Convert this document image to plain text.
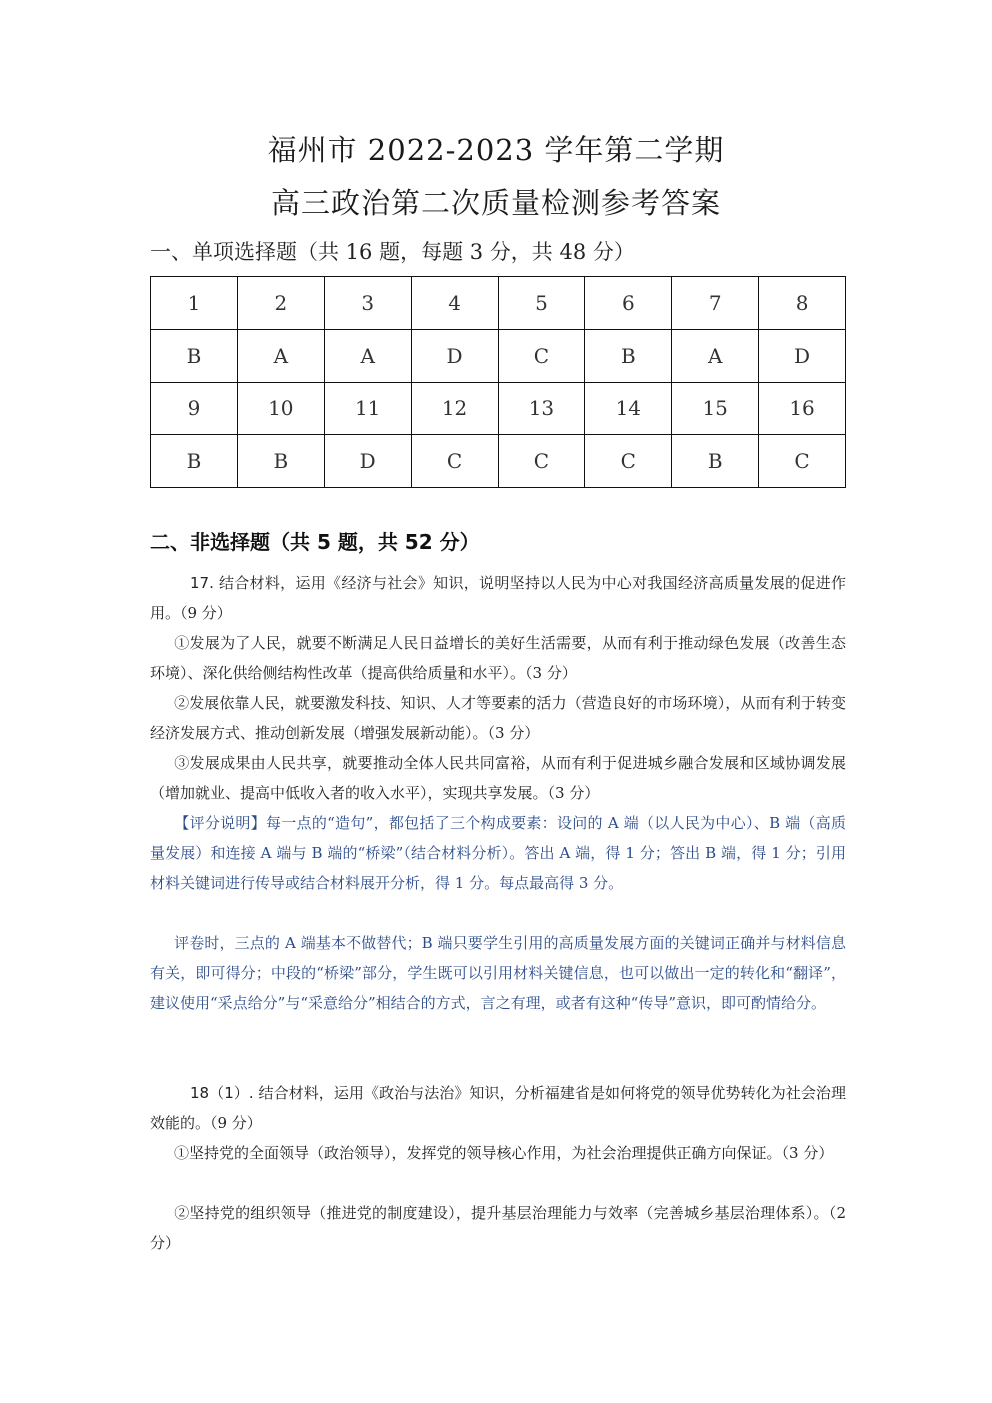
福州市 2022-2023 学年第二学期
高三政治第二次质量检测参考答案
一、单项选择题（共 16 题，每题 3 分，共 48 分）
1	2	3	4	5	6	7	8
B	A	A	D	C	B	A	D
9	10	11	12	13	14	15	16
B	B	D	C	C	C	B	C
二、非选择题（共 5 题，共 52 分）

17. 结合材料，运用《经济与社会》知识，说明坚持以人民为中心对我国经济高质量发展的促进作用。（9 分）

①发展为了人民，就要不断满足人民日益增长的美好生活需要，从而有利于推动绿色发展（改善生态环境）、深化供给侧结构性改革（提高供给质量和水平）。（3 分）

②发展依靠人民，就要激发科技、知识、人才等要素的活力（营造良好的市场环境），从而有利于转变经济发展方式、推动创新发展（增强发展新动能）。（3 分）

③发展成果由人民共享，就要推动全体人民共同富裕，从而有利于促进城乡融合发展和区域协调发展（增加就业、提高中低收入者的收入水平），实现共享发展。（3 分）

【评分说明】每一点的“造句”，都包括了三个构成要素：设问的 A 端（以人民为中心）、B 端（高质量发展）和连接 A 端与 B 端的“桥梁”（结合材料分析）。答出 A 端，得 1 分；答出 B 端，得 1 分；引用材料关键词进行传导或结合材料展开分析，得 1 分。每点最高得 3 分。

评卷时，三点的 A 端基本不做替代；B 端只要学生引用的高质量发展方面的关键词正确并与材料信息有关，即可得分；中段的“桥梁”部分，学生既可以引用材料关键信息，也可以做出一定的转化和“翻译”，建议使用“采点给分”与“采意给分”相结合的方式，言之有理，或者有这种“传导”意识，即可酌情给分。

18（1）. 结合材料，运用《政治与法治》知识，分析福建省是如何将党的领导优势转化为社会治理效能的。（9 分）

①坚持党的全面领导（政治领导），发挥党的领导核心作用，为社会治理提供正确方向保证。（3 分）

②坚持党的组织领导（推进党的制度建设），提升基层治理能力与效率（完善城乡基层治理体系）。（2 分）
